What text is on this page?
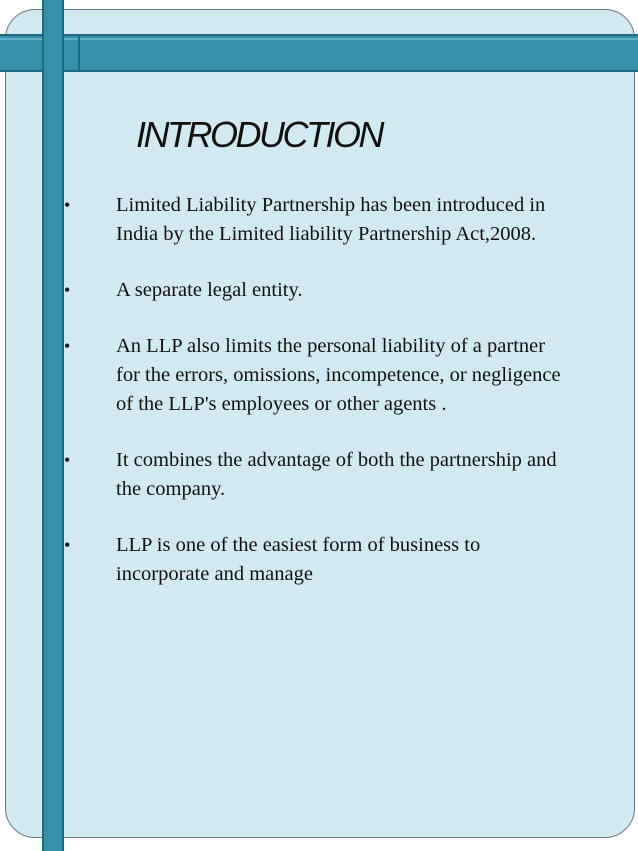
INTRODUCTION
•	Limited Liability Partnership has been introduced in
India by the Limited liability Partnership Act,2008.
•	A separate legal entity.
•	An LLP also limits the personal liability of a partner
for the errors, omissions, incompetence, or negligence
of the LLP's employees or other agents .
•	It combines the advantage of both the partnership and
the company.
•	LLP is one of the easiest form of business to
incorporate and manage
